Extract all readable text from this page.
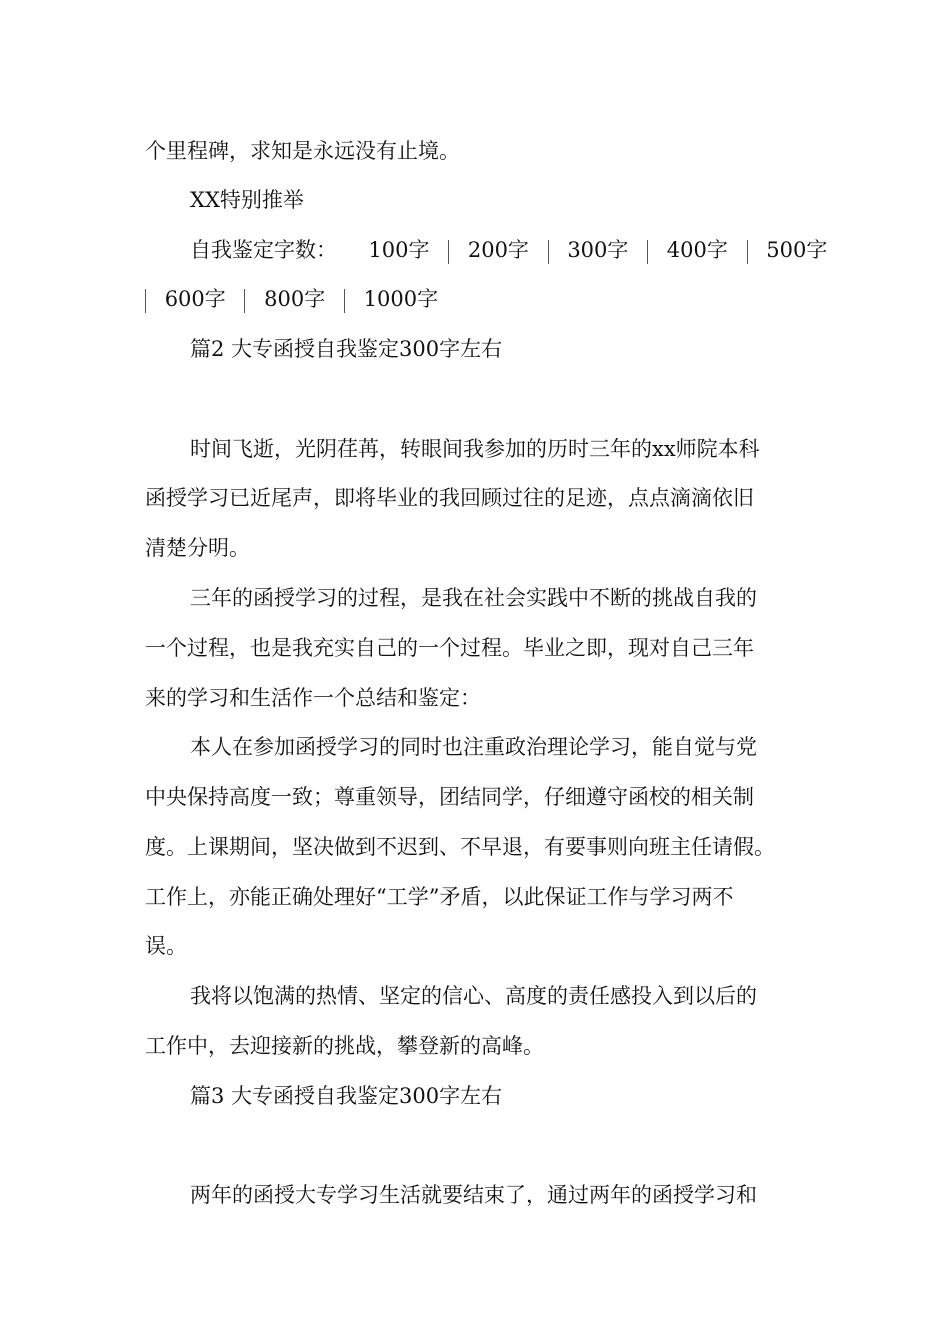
个里程碑，求知是永远没有止境。
XX特别推举
自我鉴定字数： 100字 200字 300字 400字 500字
600字 800字 1000字
篇2 大专函授自我鉴定300字左右
时间飞逝，光阴荏苒，转眼间我参加的历时三年的xx师院本科
函授学习已近尾声，即将毕业的我回顾过往的足迹，点点滴滴依旧
清楚分明。
三年的函授学习的过程，是我在社会实践中不断的挑战自我的
一个过程，也是我充实自己的一个过程。毕业之即，现对自己三年
来的学习和生活作一个总结和鉴定：
本人在参加函授学习的同时也注重政治理论学习，能自觉与党
中央保持高度一致；尊重领导，团结同学，仔细遵守函校的相关制
度。上课期间，坚决做到不迟到、不早退，有要事则向班主任请假。
工作上，亦能正确处理好“工学”矛盾，以此保证工作与学习两不
误。
我将以饱满的热情、坚定的信心、高度的责任感投入到以后的
工作中，去迎接新的挑战，攀登新的高峰。
篇3 大专函授自我鉴定300字左右
两年的函授大专学习生活就要结束了，通过两年的函授学习和
